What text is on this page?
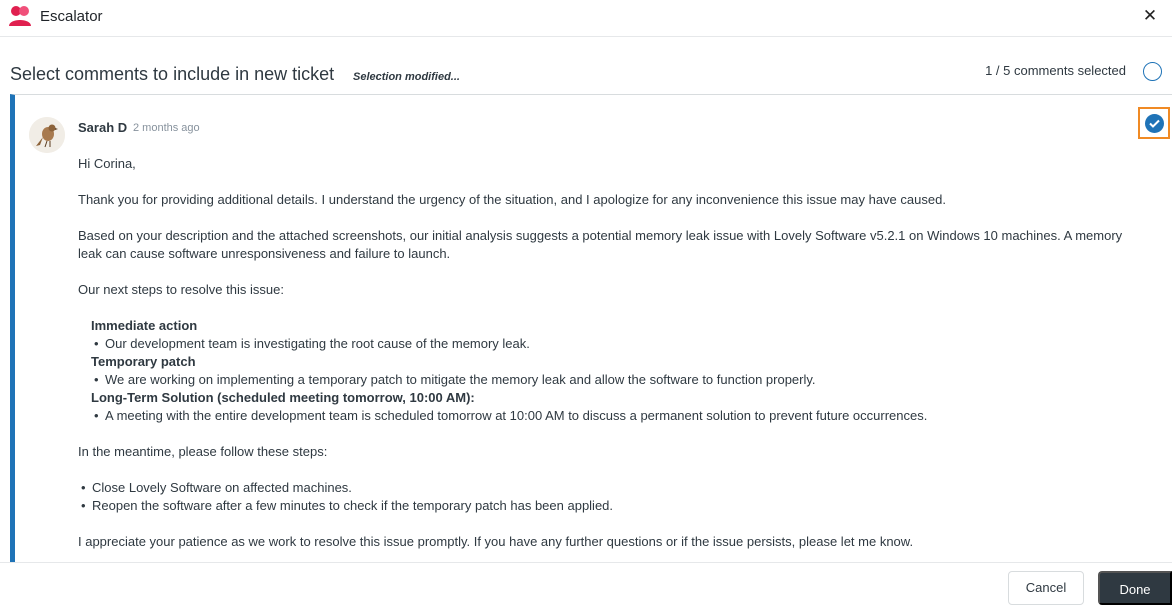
Escalator	✕
Select comments to include in new ticket Selection modified...	1 / 5 comments selected
Sarah D 2 months ago

Hi Corina,

Thank you for providing additional details. I understand the urgency of the situation, and I apologize for any inconvenience this issue may have caused.

Based on your description and the attached screenshots, our initial analysis suggests a potential memory leak issue with Lovely Software v5.2.1 on Windows 10 machines. A memory leak can cause software unresponsiveness and failure to launch.

Our next steps to resolve this issue:

Immediate action
• Our development team is investigating the root cause of the memory leak.
Temporary patch
• We are working on implementing a temporary patch to mitigate the memory leak and allow the software to function properly.
Long-Term Solution (scheduled meeting tomorrow, 10:00 AM):
• A meeting with the entire development team is scheduled tomorrow at 10:00 AM to discuss a permanent solution to prevent future occurrences.

In the meantime, please follow these steps:

• Close Lovely Software on affected machines.
• Reopen the software after a few minutes to check if the temporary patch has been applied.

I appreciate your patience as we work to resolve this issue promptly. If you have any further questions or if the issue persists, please let me know.

Cancel	Done
